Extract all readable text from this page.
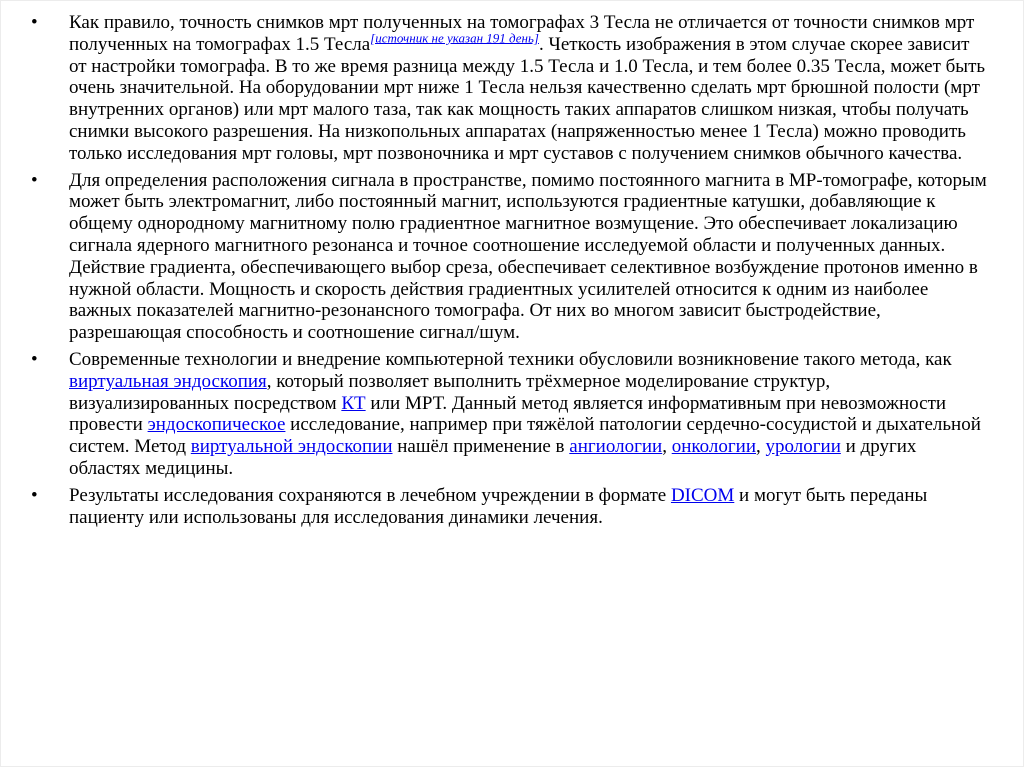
•	Как правило, точность снимков мрт полученных на томографах 3 Тесла не отличается от точности снимков мрт полученных на томографах 1.5 Тесла[источник не указан 191 день]. Четкость изображения в этом случае скорее зависит от настройки томографа. В то же время разница между 1.5 Тесла и 1.0 Тесла, и тем более 0.35 Тесла, может быть очень значительной. На оборудовании мрт ниже 1 Тесла нельзя качественно сделать мрт брюшной полости (мрт внутренних органов) или мрт малого таза, так как мощность таких аппаратов слишком низкая, чтобы получать снимки высокого разрешения. На низкопольных аппаратах (напряженностью менее 1 Тесла) можно проводить только исследования мрт головы, мрт позвоночника и мрт суставов с получением снимков обычного качества.
•	Для определения расположения сигнала в пространстве, помимо постоянного магнита в МР-томографе, которым может быть электромагнит, либо постоянный магнит, используются градиентные катушки, добавляющие к общему однородному магнитному полю градиентное магнитное возмущение. Это обеспечивает локализацию сигнала ядерного магнитного резонанса и точное соотношение исследуемой области и полученных данных. Действие градиента, обеспечивающего выбор среза, обеспечивает селективное возбуждение протонов именно в нужной области. Мощность и скорость действия градиентных усилителей относится к одним из наиболее важных показателей магнитно-резонансного томографа. От них во многом зависит быстродействие, разрешающая способность и соотношение сигнал/шум.
•	Современные технологии и внедрение компьютерной техники обусловили возникновение такого метода, как виртуальная эндоскопия, который позволяет выполнить трёхмерное моделирование структур, визуализированных посредством КТ или МРТ. Данный метод является информативным при невозможности провести эндоскопическое исследование, например при тяжёлой патологии сердечно-сосудистой и дыхательной систем. Метод виртуальной эндоскопии нашёл применение в ангиологии, онкологии, урологии и других областях медицины.
•	Результаты исследования сохраняются в лечебном учреждении в формате DICOM и могут быть переданы пациенту или использованы для исследования динамики лечения.
